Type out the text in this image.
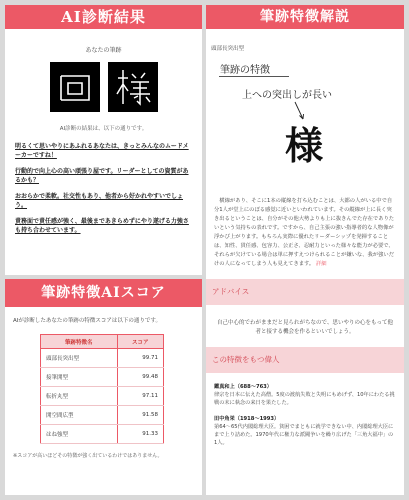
AI診断結果
あなたの筆跡
AI診断の結果は、以下の通りです。
明るくて思いやりにあふれるあなたは、きっとみんなのムードメーカーですね！
行動的で向上心の高い頑張り屋です。リーダーとしての資質があるかも？
おおらかで柔軟。社交性もあり、他者から好かれやすいでしょう。
責務面で責任感が強く、最後まであきらめずにやり遂げる力強さも持ち合わせています。
筆跡特徴AIスコア
AIが診断したあなたの筆跡の特徴スコアは以下の通りです。
筆跡特徴名	スコア
頭部長突出型	99.71
接筆開型	99.48
転折丸型	97.11
開空間広型	91.58
はね強型	91.33
※スコアが高いほどその特徴が強く出ているわけではありません。
筆跡特徴解説
頭部長突出型
筆跡の特徴
上への突出しが長い
様
横線があり、そこに1本の縦線を打ち込むことは、大都の人がいる中で自分1人が堂上にのぼる感覚に近いといわれています。その縦線が上に長く突き出るということは、自分がその他大勢よりも上に抜きんでた存在でありたいという気持ちの表れです。ですから、自己主張の強い指導者的な人物像が浮かび上がります。もちろん実際に優れたリーダーシップを発揮することは、知性、貫任感、包容力、公正さ、忍耐力といった様々な能力が必要で、それらが欠けている場合は単に押すえつけられることが嫌いな、我が強いだけの人になってしまう人も見えてきます。 詳細
アドバイス
自己中心的でわがままだと見られがちなので、思いやりの心をもって他者と接する機会を作るといいでしょう。
この特徴をもつ偉人
鑑真和上（688〜763）
律宗を日本に伝えた高僧。5度の渡航失敗と失明にもめげず、10年にわたる挑戦の末に執念の来日を果たした。
田中角栄（1918〜1993）
第64〜65代内閣総理大臣。貧困でまともに就学できない中、内閣総理大臣にまで上り詰めた。1970年代に権力な派閥争いを繰り広げた「三角大福中」の1人。
